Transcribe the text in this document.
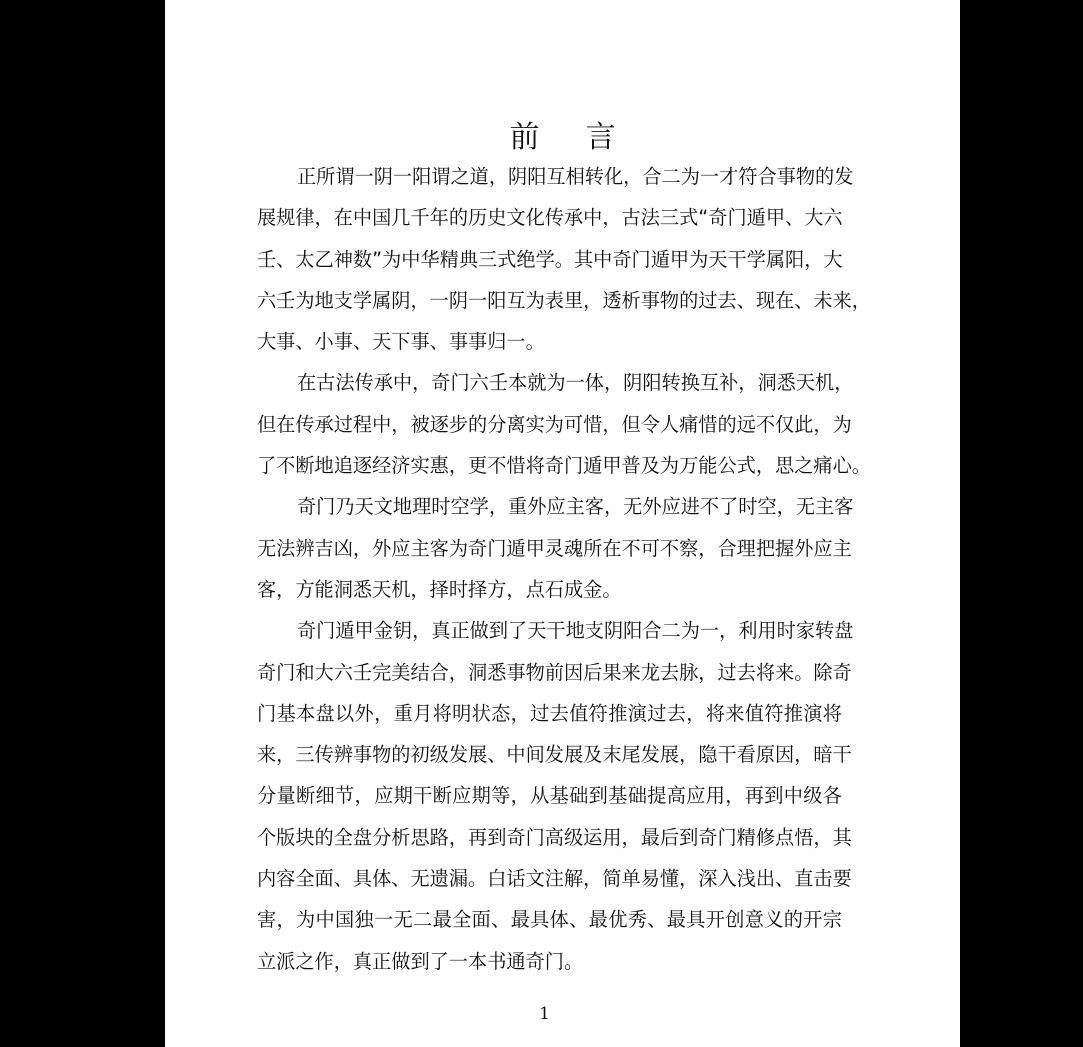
前 言
正所谓一阴一阳谓之道，阴阳互相转化，合二为一才符合事物的发
展规律，在中国几千年的历史文化传承中，古法三式“奇门遁甲、大六
壬、太乙神数”为中华精典三式绝学。其中奇门遁甲为天干学属阳，大
六壬为地支学属阴，一阴一阳互为表里，透析事物的过去、现在、未来，
大事、小事、天下事、事事归一。
在古法传承中，奇门六壬本就为一体，阴阳转换互补，洞悉天机，
但在传承过程中，被逐步的分离实为可惜，但令人痛惜的远不仅此，为
了不断地追逐经济实惠，更不惜将奇门遁甲普及为万能公式，思之痛心。
奇门乃天文地理时空学，重外应主客，无外应进不了时空，无主客
无法辨吉凶，外应主客为奇门遁甲灵魂所在不可不察，合理把握外应主
客，方能洞悉天机，择时择方，点石成金。
奇门遁甲金钥，真正做到了天干地支阴阳合二为一，利用时家转盘
奇门和大六壬完美结合，洞悉事物前因后果来龙去脉，过去将来。除奇
门基本盘以外，重月将明状态，过去值符推演过去，将来值符推演将
来，三传辨事物的初级发展、中间发展及末尾发展，隐干看原因，暗干
分量断细节，应期干断应期等，从基础到基础提高应用，再到中级各
个版块的全盘分析思路，再到奇门高级运用，最后到奇门精修点悟，其
内容全面、具体、无遗漏。白话文注解，简单易懂，深入浅出、直击要
害，为中国独一无二最全面、最具体、最优秀、最具开创意义的开宗
立派之作，真正做到了一本书通奇门。
1
